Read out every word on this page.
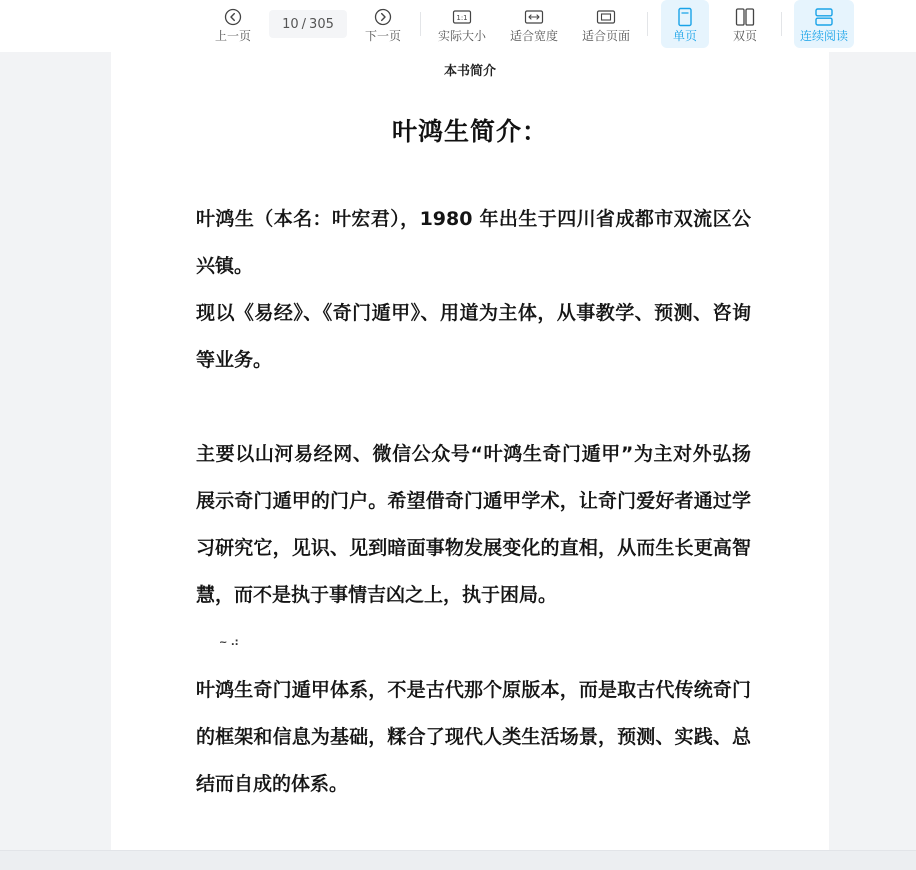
上一页
10 / 305
下一页
1:1
实际大小 适合宽度 适合页面	单页	双页	连续阅读
本书简介
叶鸿生简介：
叶鸿生（本名：叶宏君），1980 年出生于四川省成都市双流区公兴镇。
现以《易经》、《奇门遁甲》、用道为主体，从事教学、预测、咨询等业务。
主要以山河易经网、微信公众号“叶鸿生奇门遁甲”为主对外弘扬展示奇门遁甲的门户。希望借奇门遁甲学术，让奇门爱好者通过学习研究它，见识、见到暗面事物发展变化的直相，从而生长更高智慧，而不是执于事情吉凶之上，执于困局。
~ .:
叶鸿生奇门遁甲体系，不是古代那个原版本，而是取古代传统奇门的框架和信息为基础，糅合了现代人类生活场景，预测、实践、总结而自成的体系。
